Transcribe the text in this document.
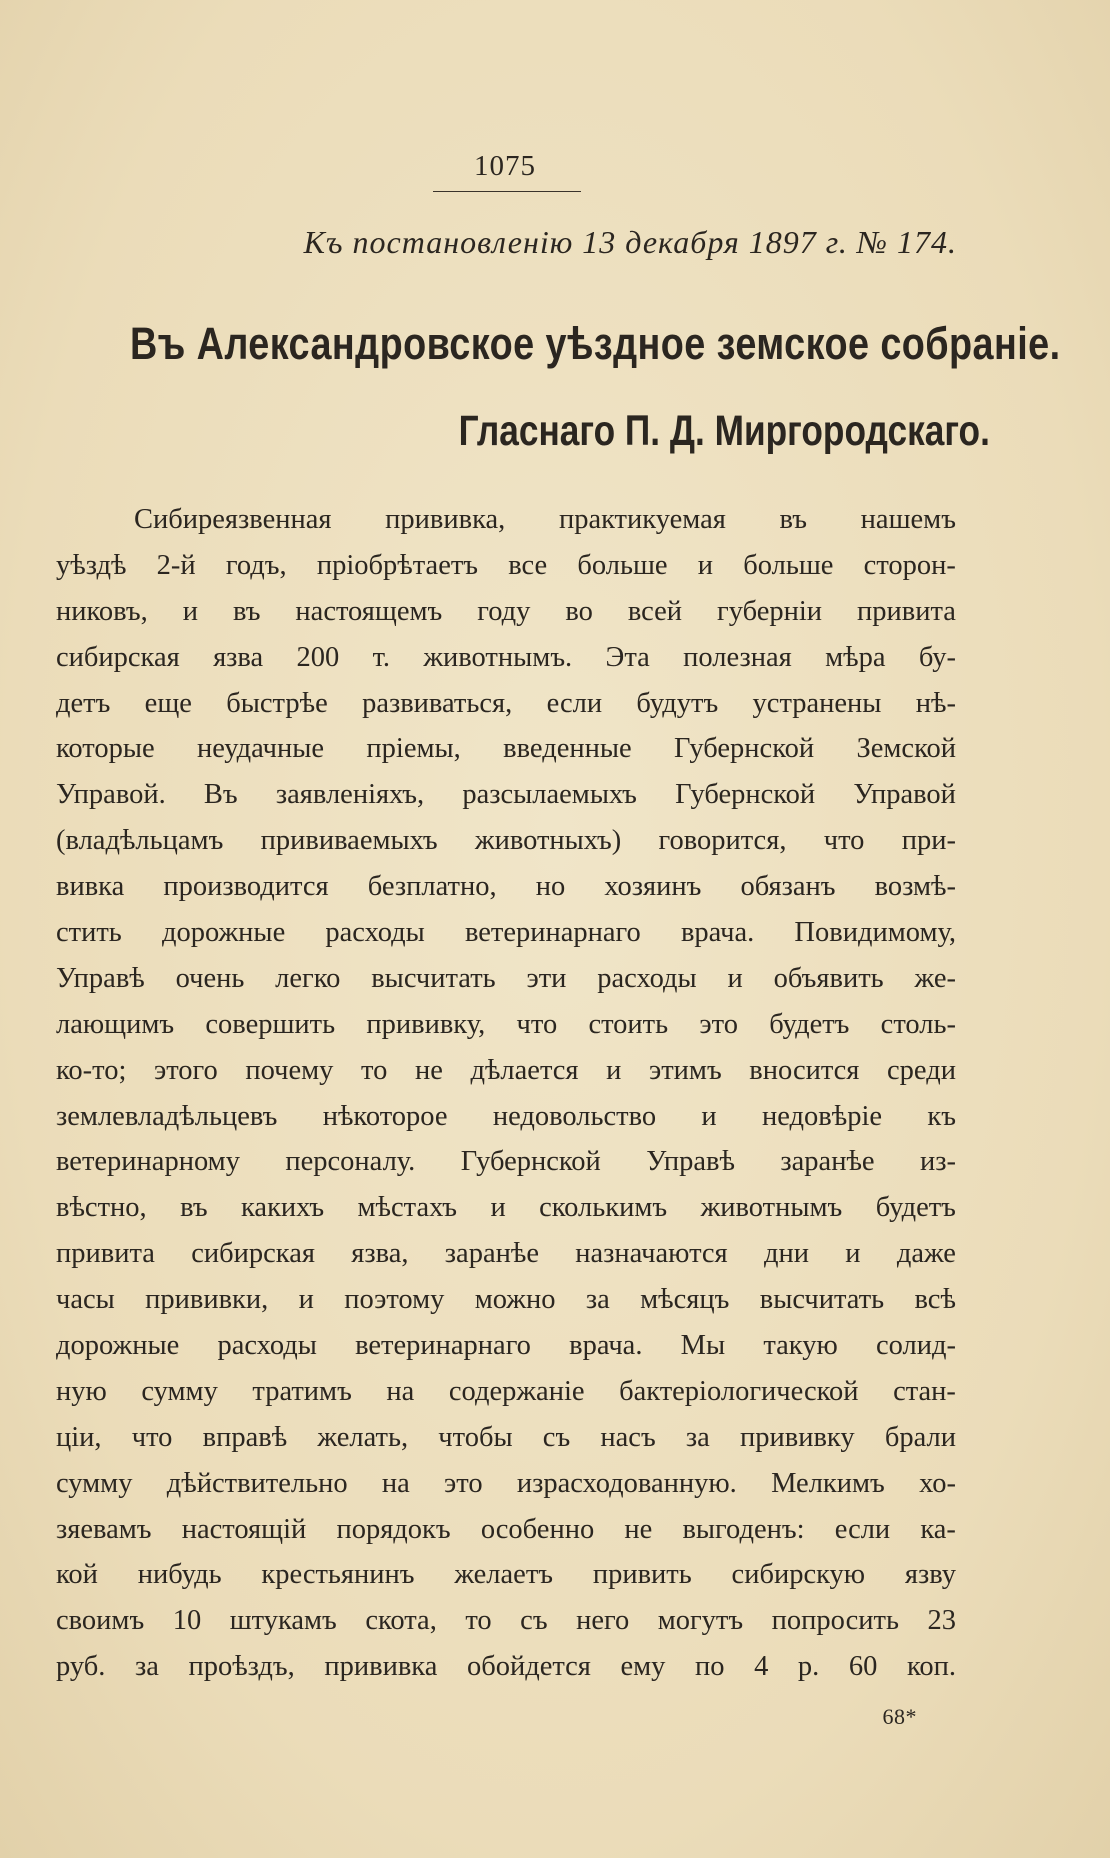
1075
Къ постановленію 13 декабря 1897 г. № 174.
Въ Александровское уѣздное земское собраніе.
Гласнаго П. Д. Миргородскаго.
Сибиреязвенная прививка, практикуемая въ нашемъ
уѣздѣ 2-й годъ, пріобрѣтаетъ все больше и больше сторон-
никовъ, и въ настоящемъ году во всей губерніи привита
сибирская язва 200 т. животнымъ. Эта полезная мѣра бу-
детъ еще быстрѣе развиваться, если будутъ устранены нѣ-
которые неудачные пріемы, введенные Губернской Земской
Управой. Въ заявленіяхъ, разсылаемыхъ Губернской Управой
(владѣльцамъ прививаемыхъ животныхъ) говорится, что при-
вивка производится безплатно, но хозяинъ обязанъ возмѣ-
стить дорожные расходы ветеринарнаго врача. Повидимому,
Управѣ очень легко высчитать эти расходы и объявить же-
лающимъ совершить прививку, что стоить это будетъ столь-
ко-то; этого почему то не дѣлается и этимъ вносится среди
землевладѣльцевъ нѣкоторое недовольство и недовѣріе къ
ветеринарному персоналу. Губернской Управѣ заранѣе из-
вѣстно, въ какихъ мѣстахъ и сколькимъ животнымъ будетъ
привита сибирская язва, заранѣе назначаются дни и даже
часы прививки, и поэтому можно за мѣсяцъ высчитать всѣ
дорожные расходы ветеринарнаго врача. Мы такую солид-
ную сумму тратимъ на содержаніе бактеріологической стан-
ціи, что вправѣ желать, чтобы съ насъ за прививку брали
сумму дѣйствительно на это израсходованную. Мелкимъ хо-
зяевамъ настоящій порядокъ особенно не выгоденъ: если ка-
кой нибудь крестьянинъ желаетъ привить сибирскую язву
своимъ 10 штукамъ скота, то съ него могутъ попросить 23
руб. за проѣздъ, прививка обойдется ему по 4 р. 60 коп.
68*
